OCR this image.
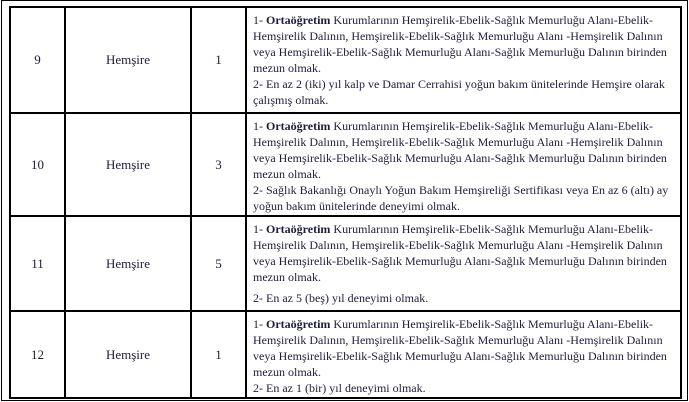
9	Hemşire	1	1- Ortaöğretim Kurumlarının Hemşirelik-Ebelik-Sağlık Memurluğu Alanı-Ebelik-Hemşirelik Dalının, Hemşirelik-Ebelik-Sağlık Memurluğu Alanı -Hemşirelik Dalının veya Hemşirelik-Ebelik-Sağlık Memurluğu Alanı-Sağlık Memurluğu Dalının birinden mezun olmak.

2- En az 2 (iki) yıl kalp ve Damar Cerrahisi yoğun bakım ünitelerinde Hemşire olarak çalışmış olmak.

10	Hemşire	3	1- Ortaöğretim Kurumlarının Hemşirelik-Ebelik-Sağlık Memurluğu Alanı-Ebelik-Hemşirelik Dalının, Hemşirelik-Ebelik-Sağlık Memurluğu Alanı -Hemşirelik Dalının veya Hemşirelik-Ebelik-Sağlık Memurluğu Alanı-Sağlık Memurluğu Dalının birinden mezun olmak.

2- Sağlık Bakanlığı Onaylı Yoğun Bakım Hemşireliği Sertifikası veya En az 6 (altı) ay yoğun bakım ünitelerinde deneyimi olmak.

11	Hemşire	5	1- Ortaöğretim Kurumlarının Hemşirelik-Ebelik-Sağlık Memurluğu Alanı-Ebelik-Hemşirelik Dalının, Hemşirelik-Ebelik-Sağlık Memurluğu Alanı -Hemşirelik Dalının veya Hemşirelik-Ebelik-Sağlık Memurluğu Alanı-Sağlık Memurluğu Dalının birinden mezun olmak.

2- En az 5 (beş) yıl deneyimi olmak.

12	Hemşire	1	1- Ortaöğretim Kurumlarının Hemşirelik-Ebelik-Sağlık Memurluğu Alanı-Ebelik-Hemşirelik Dalının, Hemşirelik-Ebelik-Sağlık Memurluğu Alanı -Hemşirelik Dalının veya Hemşirelik-Ebelik-Sağlık Memurluğu Alanı-Sağlık Memurluğu Dalının birinden mezun olmak.

2- En az 1 (bir) yıl deneyimi olmak.
